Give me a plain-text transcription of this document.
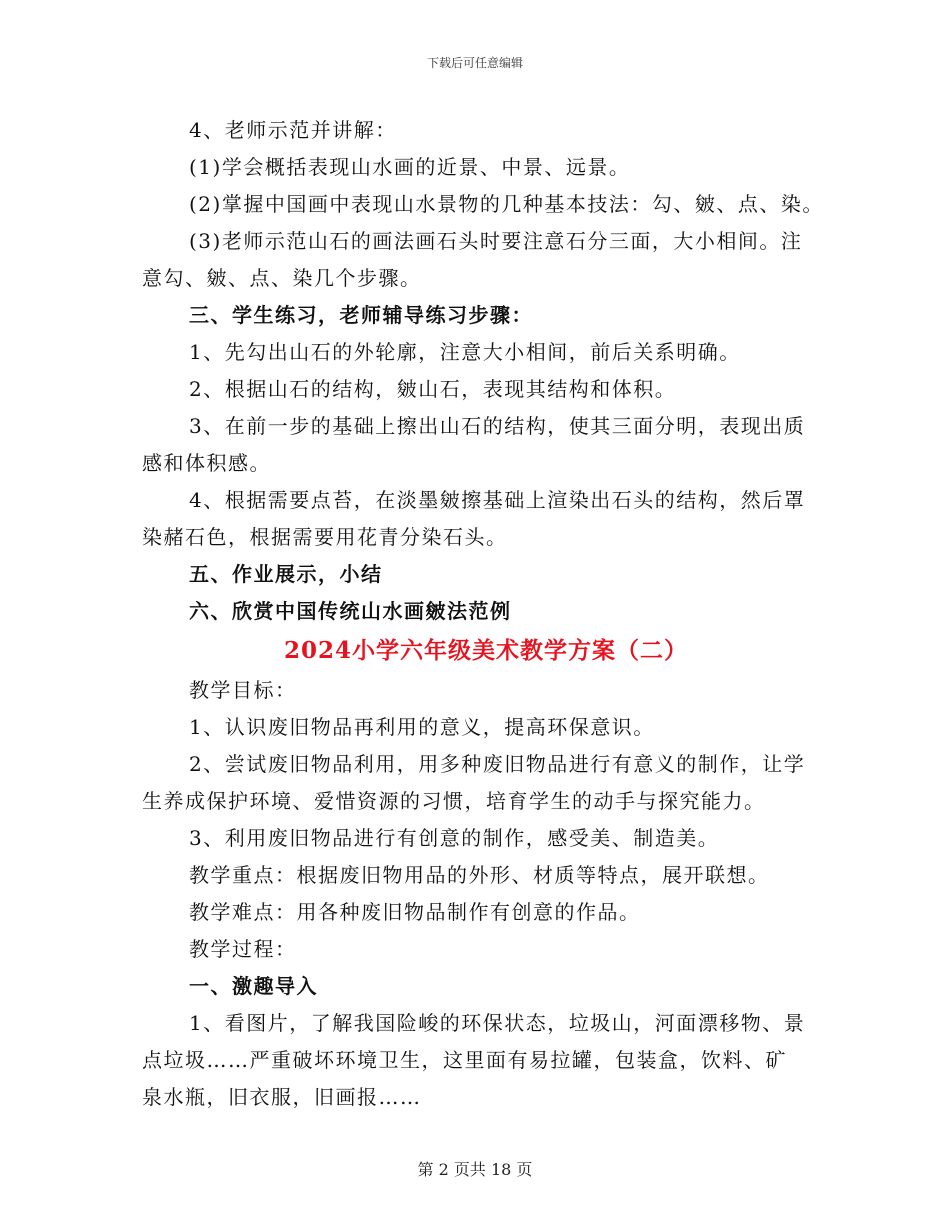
下载后可任意编辑
4、老师示范并讲解：
(1)学会概括表现山水画的近景、中景、远景。
(2)掌握中国画中表现山水景物的几种基本技法：勾、皴、点、染。
(3)老师示范山石的画法画石头时要注意石分三面，大小相间。注
意勾、皴、点、染几个步骤。
三、学生练习，老师辅导练习步骤：
1、先勾出山石的外轮廓，注意大小相间，前后关系明确。
2、根据山石的结构，皴山石，表现其结构和体积。
3、在前一步的基础上擦出山石的结构，使其三面分明，表现出质
感和体积感。
4、根据需要点苔，在淡墨皴擦基础上渲染出石头的结构，然后罩
染赭石色，根据需要用花青分染石头。
五、作业展示，小结
六、欣赏中国传统山水画皴法范例
2024小学六年级美术教学方案（二）
教学目标：
1、认识废旧物品再利用的意义，提高环保意识。
2、尝试废旧物品利用，用多种废旧物品进行有意义的制作，让学
生养成保护环境、爱惜资源的习惯，培育学生的动手与探究能力。
3、利用废旧物品进行有创意的制作，感受美、制造美。
教学重点：根据废旧物用品的外形、材质等特点，展开联想。
教学难点：用各种废旧物品制作有创意的作品。
教学过程：
一、激趣导入
1、看图片，了解我国险峻的环保状态，垃圾山，河面漂移物、景
点垃圾……严重破坏环境卫生，这里面有易拉罐，包装盒，饮料、矿
泉水瓶，旧衣服，旧画报……
第 2 页共 18 页
